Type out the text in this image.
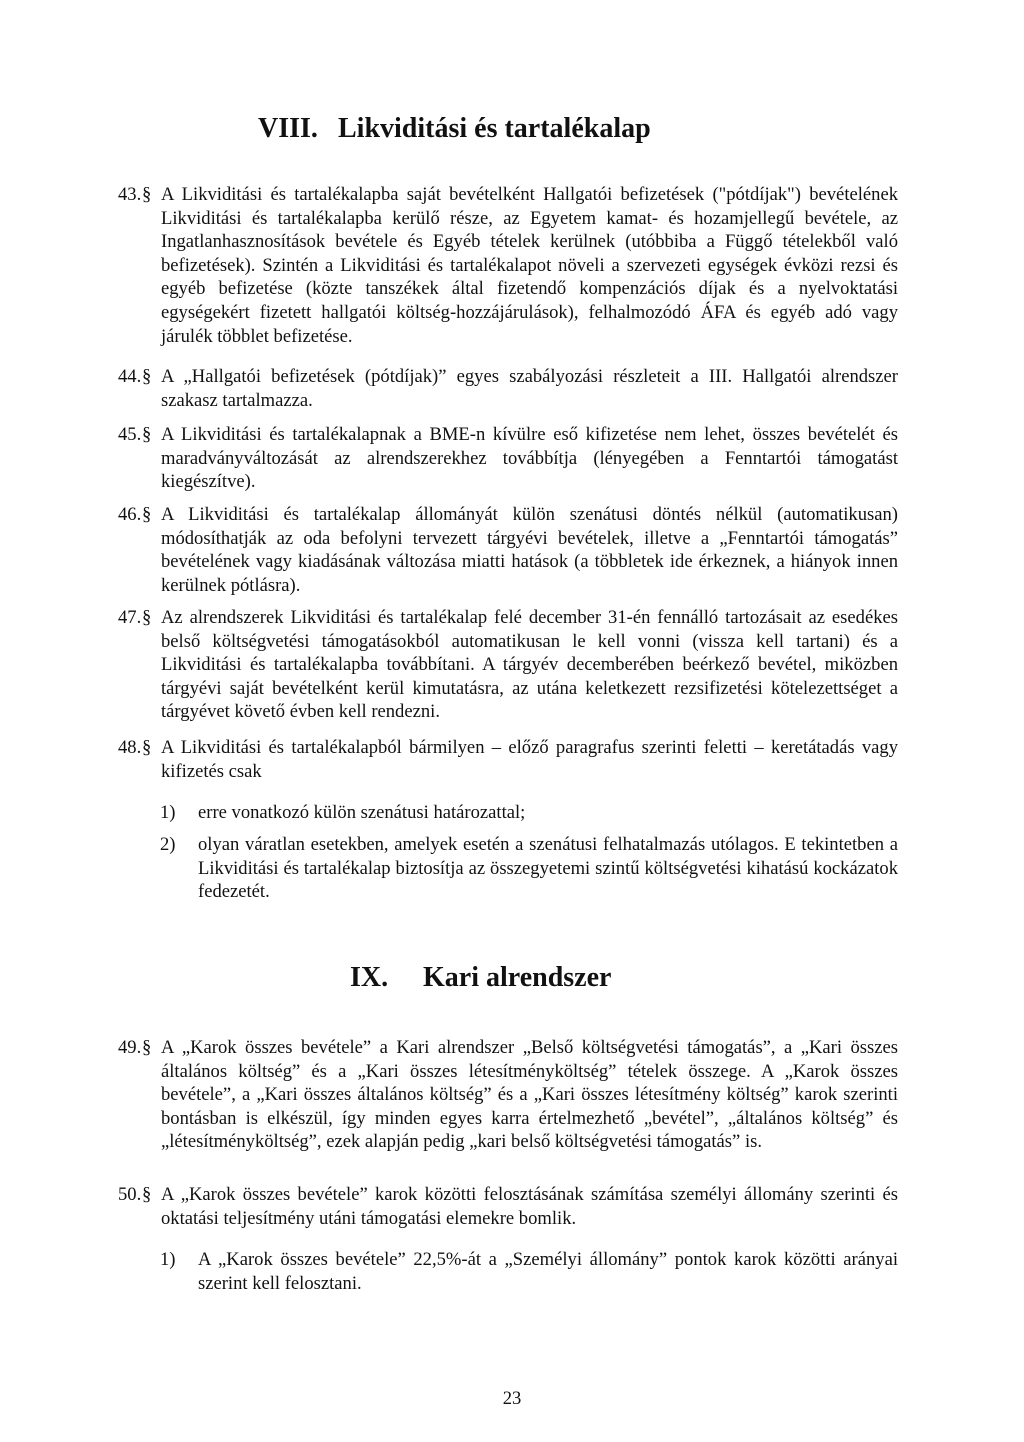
VIII. Likviditási és tartalékalap
43. § A Likviditási és tartalékalapba saját bevételként Hallgatói befizetések ("pótdíjak") bevételének Likviditási és tartalékalapba kerülő része, az Egyetem kamat- és hozamjellegű bevétele, az Ingatlanhasznosítások bevétele és Egyéb tételek kerülnek (utóbbiba a Függő tételekből való befizetések). Szintén a Likviditási és tartalékalapot növeli a szervezeti egységek évközi rezsi és egyéb befizetése (közte tanszékek által fizetendő kompenzációs díjak és a nyelvoktatási egységekért fizetett hallgatói költség-hozzájárulások), felhalmozódó ÁFA és egyéb adó vagy járulék többlet befizetése.
44. § A „Hallgatói befizetések (pótdíjak)” egyes szabályozási részleteit a III. Hallgatói alrendszer szakasz tartalmazza.
45. § A Likviditási és tartalékalapnak a BME-n kívülre eső kifizetése nem lehet, összes bevételét és maradványváltozását az alrendszerekhez továbbítja (lényegében a Fenntartói támogatást kiegészítve).
46. § A Likviditási és tartalékalap állományát külön szenátusi döntés nélkül (automatikusan) módosíthatják az oda befolyni tervezett tárgyévi bevételek, illetve a „Fenntartói támogatás” bevételének vagy kiadásának változása miatti hatások (a többletek ide érkeznek, a hiányok innen kerülnek pótlásra).
47. § Az alrendszerek Likviditási és tartalékalap felé december 31-én fennálló tartozásait az esedékes belső költségvetési támogatásokból automatikusan le kell vonni (vissza kell tartani) és a Likviditási és tartalékalapba továbbítani. A tárgyév decemberében beérkező bevétel, miközben tárgyévi saját bevételként kerül kimutatásra, az utána keletkezett rezsifizetési kötelezettséget a tárgyévet követő évben kell rendezni.
48. § A Likviditási és tartalékalapból bármilyen – előző paragrafus szerinti feletti – keretátadás vagy kifizetés csak
1) erre vonatkozó külön szenátusi határozattal;
2) olyan váratlan esetekben, amelyek esetén a szenátusi felhatalmazás utólagos. E tekintetben a Likviditási és tartalékalap biztosítja az összegyetemi szintű költségvetési kihatású kockázatok fedezetét.
IX. Kari alrendszer
49. § A „Karok összes bevétele” a Kari alrendszer „Belső költségvetési támogatás”, a „Kari összes általános költség” és a „Kari összes létesítményköltség” tételek összege. A „Karok összes bevétele”, a „Kari összes általános költség” és a „Kari összes létesítmény költség” karok szerinti bontásban is elkészül, így minden egyes karra értelmezhető „bevétel”, „általános költség” és „létesítményköltség”, ezek alapján pedig „kari belső költségvetési támogatás” is.
50. § A „Karok összes bevétele” karok közötti felosztásának számítása személyi állomány szerinti és oktatási teljesítmény utáni támogatási elemekre bomlik.
1) A „Karok összes bevétele” 22,5%-át a „Személyi állomány” pontok karok közötti arányai szerint kell felosztani.
23
